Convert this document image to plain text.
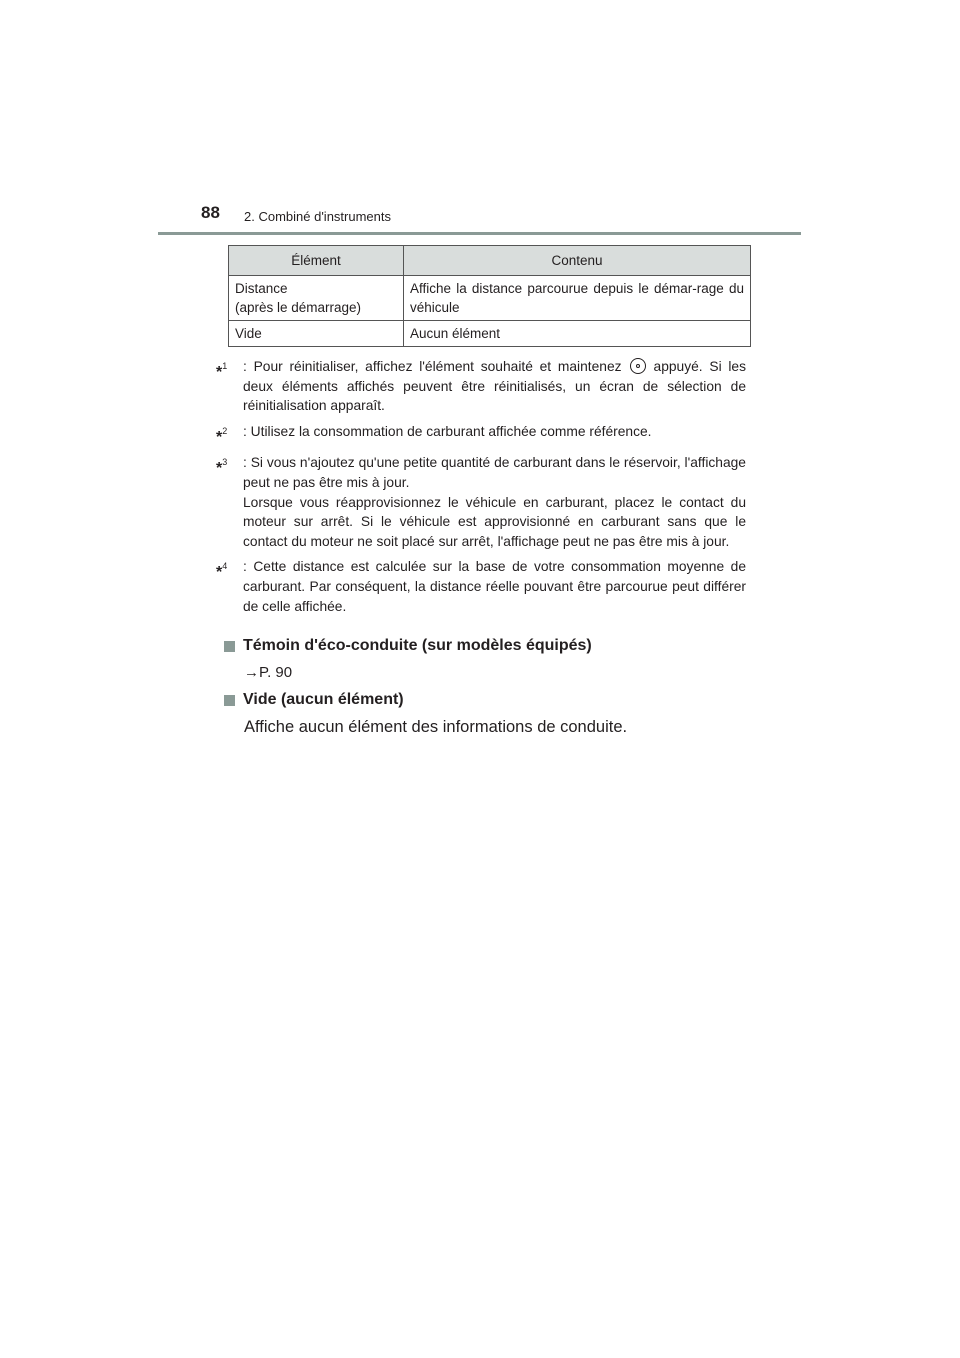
88 2. Combiné d'instruments
Élément	Contenu

Distance
(après le démarrage)	Affiche la distance parcourue depuis le démar-rage du véhicule
Vide	Aucun élément
*$^1$	: Pour réinitialiser, affichez l'élément souhaité et maintenez appuyé. Si les deux éléments affichés peuvent être réinitialisés, un écran de sélection de réinitialisation apparaît.
*$^2$	: Utilisez la consommation de carburant affichée comme référence.
*$^3$	: Si vous n'ajoutez qu'une petite quantité de carburant dans le réservoir, l'affichage peut ne pas être mis à jour.

Lorsque vous réapprovisionnez le véhicule en carburant, placez le contact du moteur sur arrêt. Si le véhicule est approvisionné en carburant sans que le contact du moteur ne soit placé sur arrêt, l'affichage peut ne pas être mis à jour.

*$^4$	: Cette distance est calculée sur la base de votre consommation moyenne de carburant. Par conséquent, la distance réelle pouvant être parcourue peut différer de celle affichée.
Témoin d'éco-conduite (sur modèles équipés)
→P. 90
Vide (aucun élément)
Affiche aucun élément des informations de conduite.
